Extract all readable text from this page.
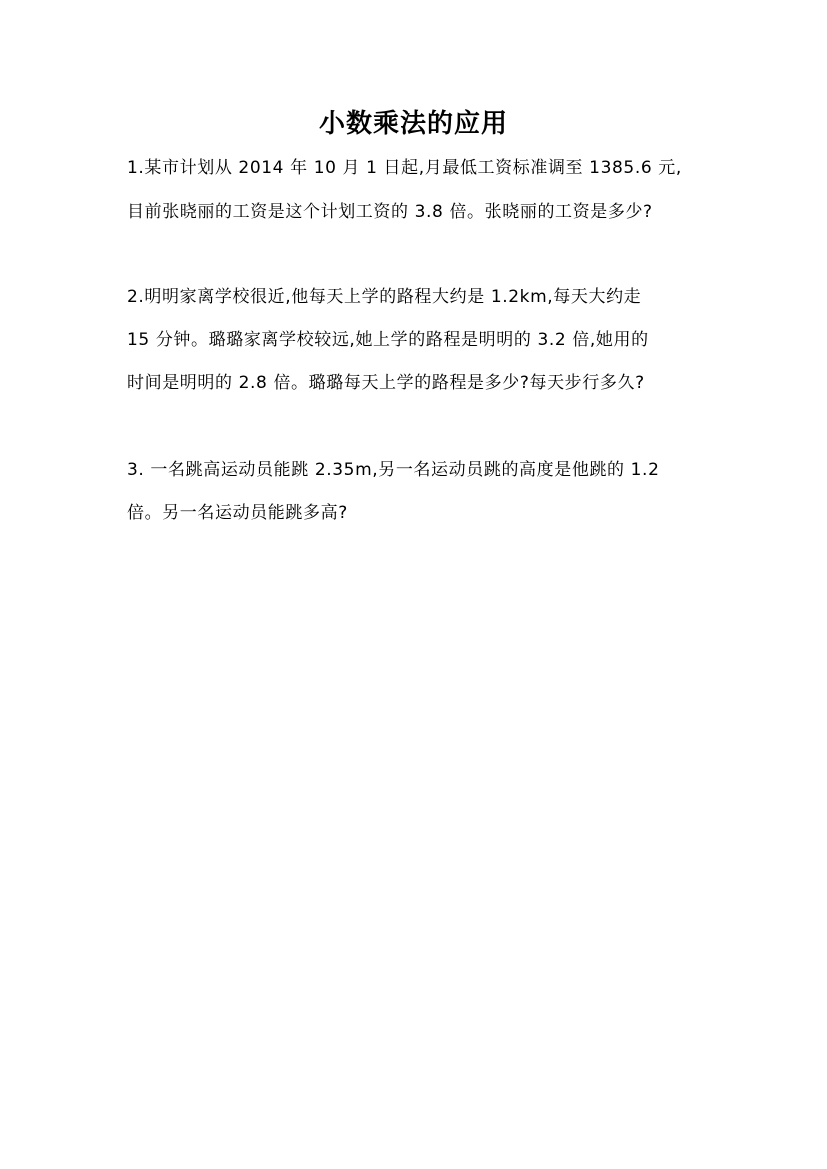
小数乘法的应用
1.某市计划从 2014 年 10 月 1 日起,月最低工资标准调至 1385.6 元,
目前张晓丽的工资是这个计划工资的 3.8 倍。张晓丽的工资是多少?
2.明明家离学校很近,他每天上学的路程大约是 1.2km,每天大约走
15 分钟。璐璐家离学校较远,她上学的路程是明明的 3.2 倍,她用的
时间是明明的 2.8 倍。璐璐每天上学的路程是多少?每天步行多久?
3. 一名跳高运动员能跳 2.35m,另一名运动员跳的高度是他跳的 1.2
倍。另一名运动员能跳多高?
